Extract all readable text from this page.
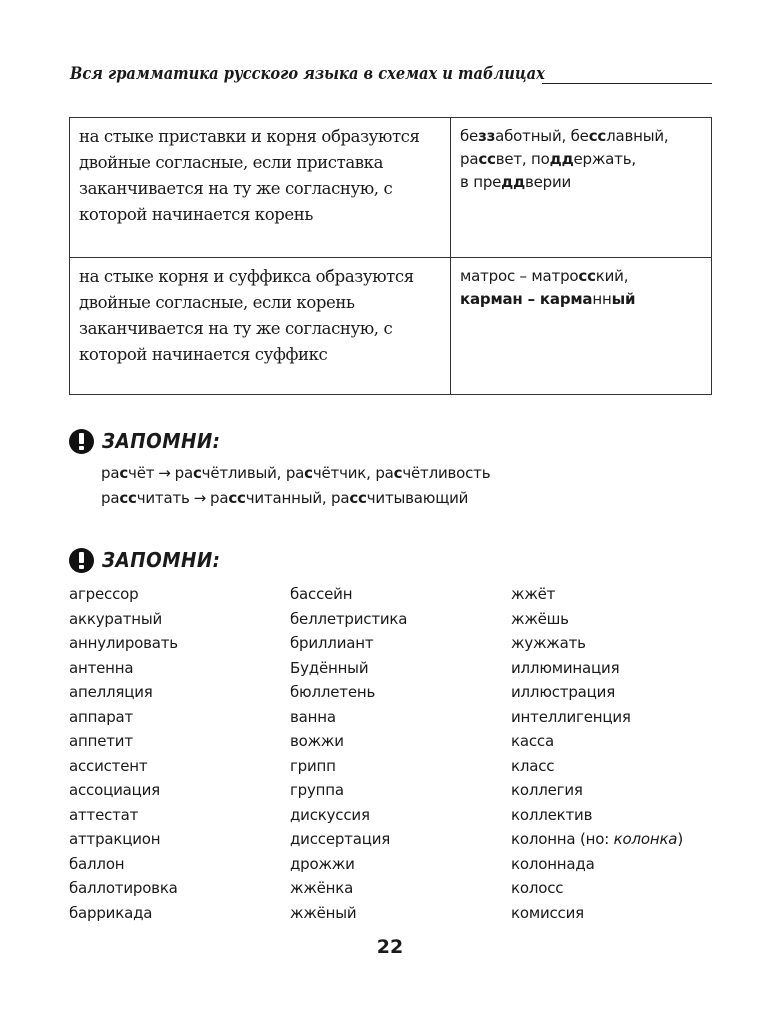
Вся грамматика русского языка в схемах и таблицах
на стыке приставки и корня образуются двойные согласные, если приставка заканчивается на ту же согласную, с которой начинается корень	беззаботный, бесславный,
рассвет, поддержать,
в преддверии
на стыке корня и суффикса образуются двойные согласные, если корень заканчивается на ту же согласную, с которой начинается суффикс	матрос – матросский,
карман – карманный
ЗАПОМНИ:
расчёт → расчётливый, расчётчик, расчётливость
рассчитать → рассчитанный, рассчитывающий
ЗАПОМНИ:
агрессор
аккуратный
аннулировать
антенна
апелляция
аппарат
аппетит
ассистент
ассоциация
аттестат
аттракцион
баллон
баллотировка
баррикада
бассейн
беллетристика
бриллиант
Будённый
бюллетень
ванна
вожжи
грипп
группа
дискуссия
диссертация
дрожжи
жжёнка
жжёный
жжёт
жжёшь
жужжать
иллюминация
иллюстрация
интеллигенция
касса
класс
коллегия
коллектив
колонна (но: колонка)
колоннада
колосс
комиссия
22
